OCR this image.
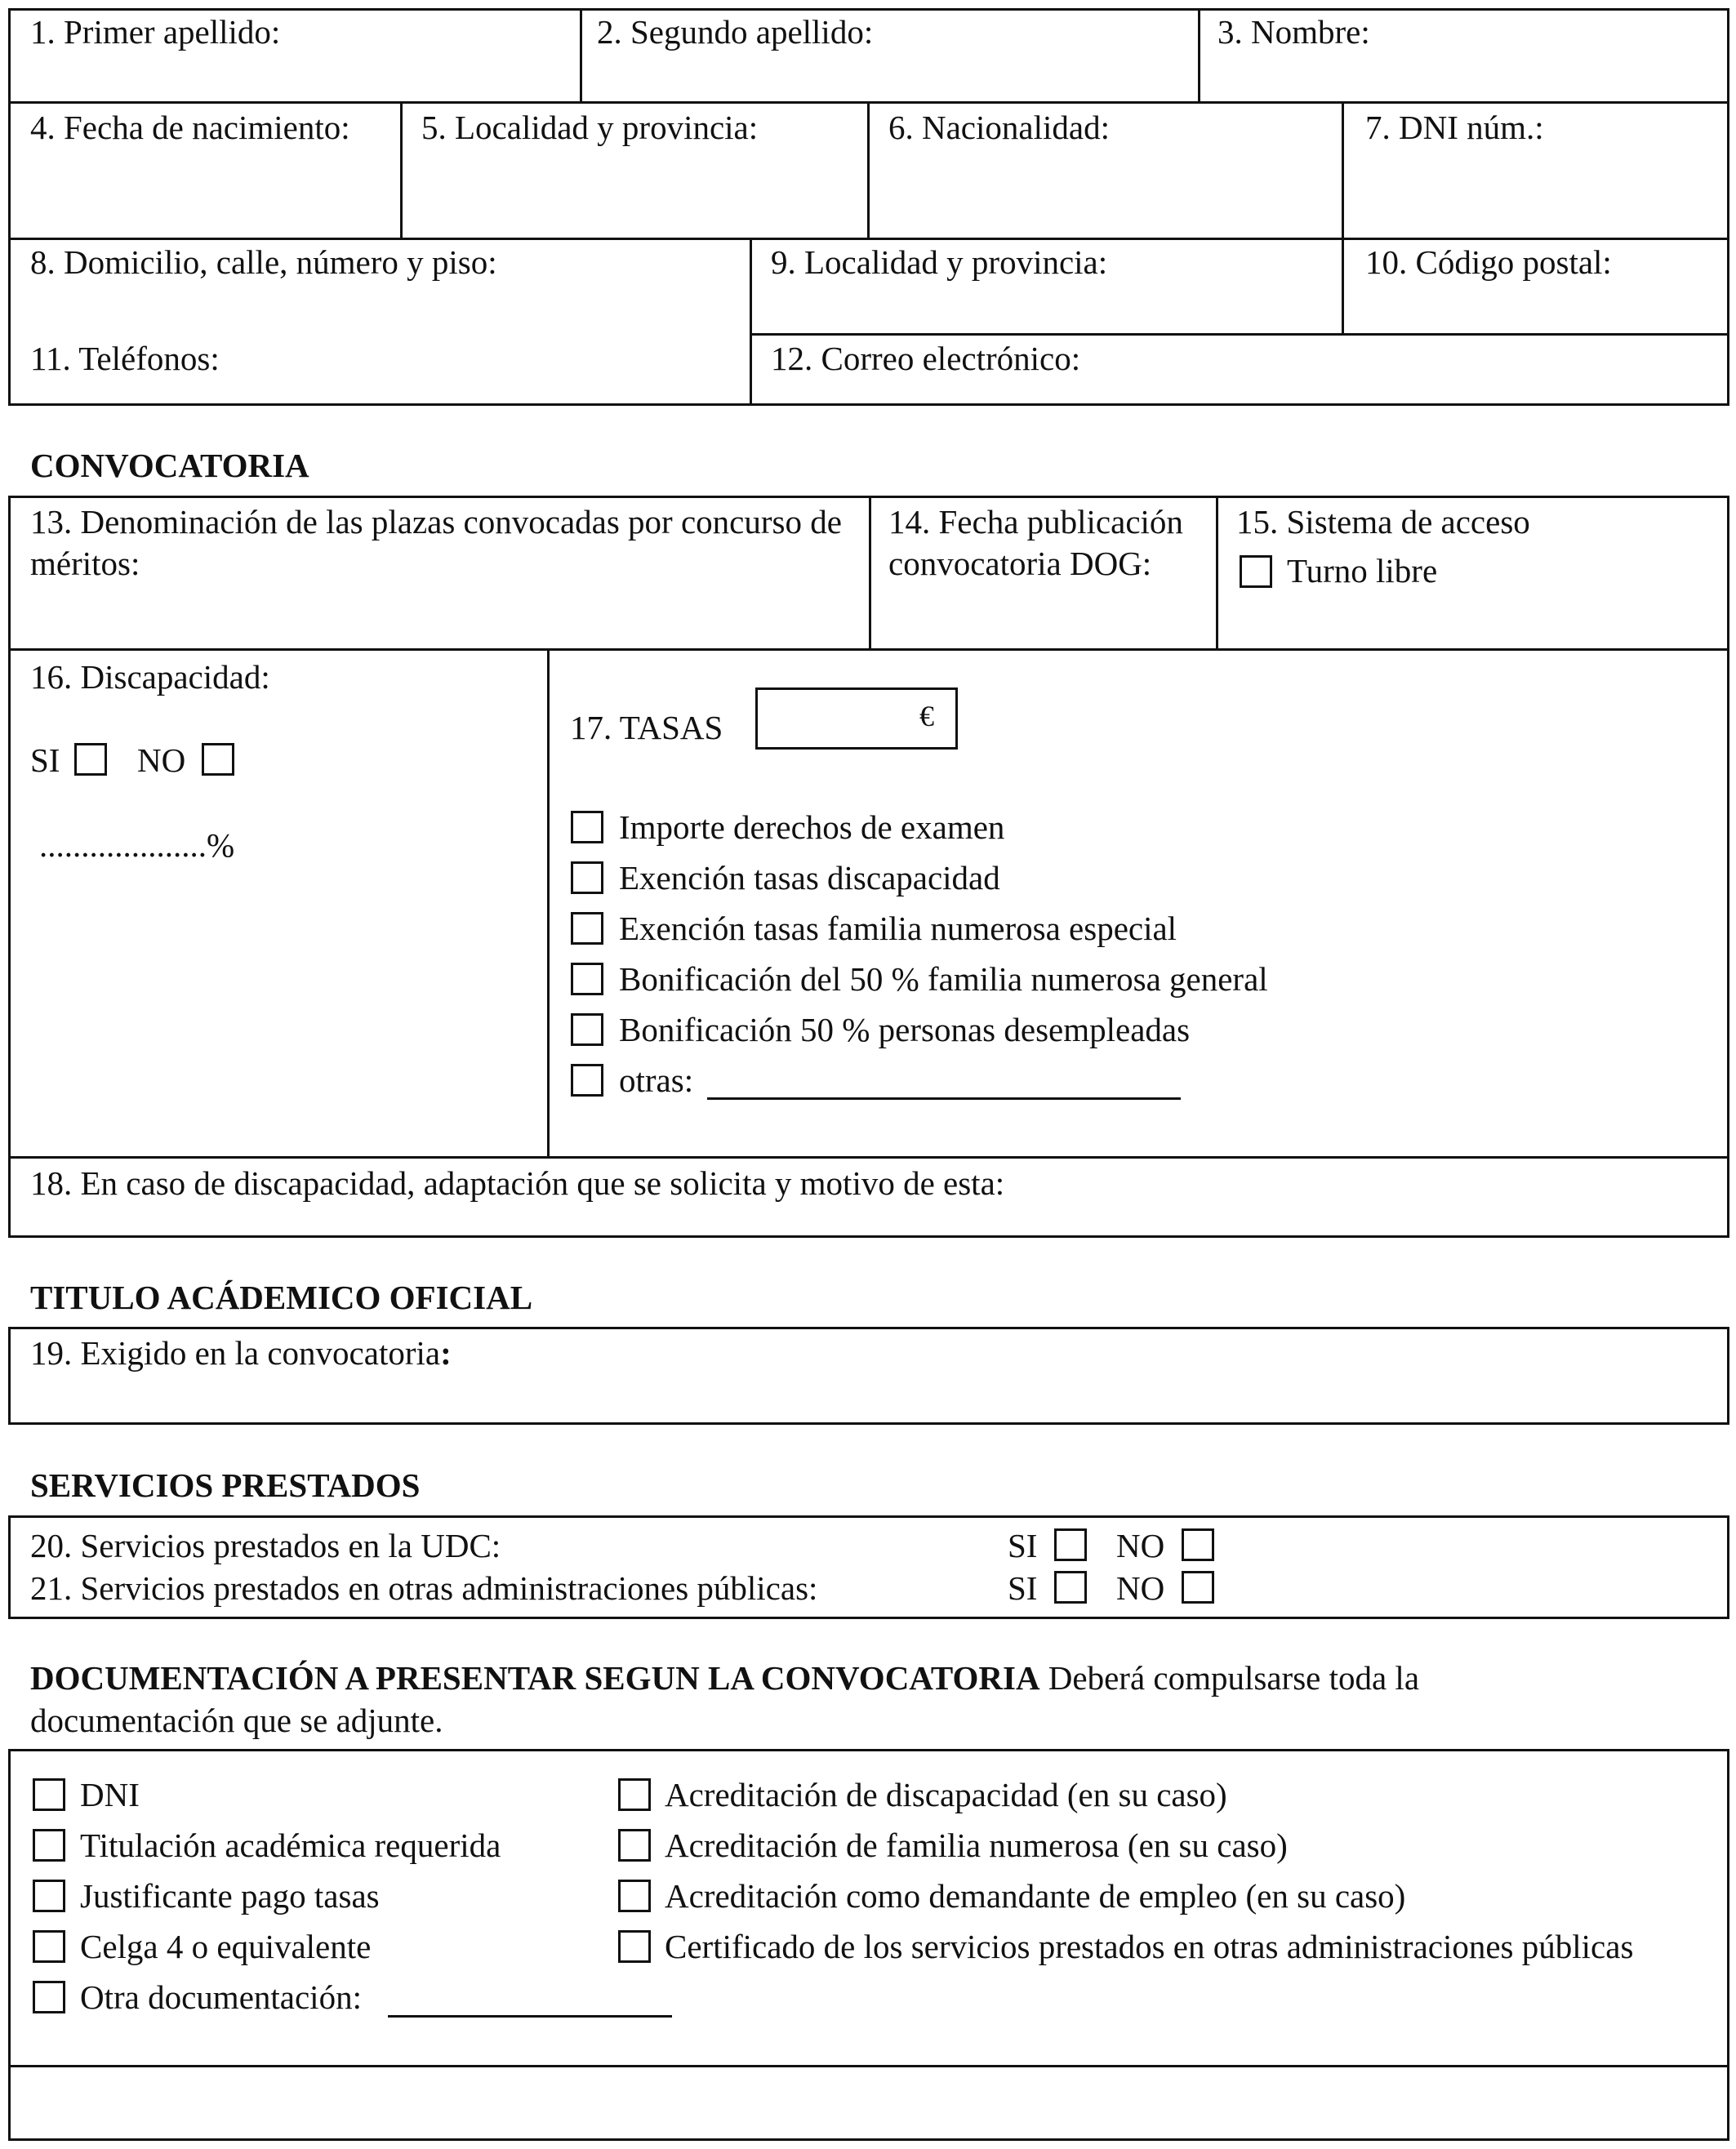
1. Primer apellido:	2. Segundo apellido:	3. Nombre:
4. Fecha de nacimiento: 5. Localidad y provincia:	6. Nacionalidad:	7. DNI núm.:
8. Domicilio, calle, número y piso:	9. Localidad y provincia:	10. Código postal:
11. Teléfonos:	12. Correo electrónico:
CONVOCATORIA
13. Denominación de las plazas convocadas por concurso de méritos:
14. Fecha publicación convocatoria DOG:
15. Sistema de acceso
Turno libre
16. Discapacidad:
SI NO
....................%
17. TASAS	€
Importe derechos de examen
Exención tasas discapacidad
Exención tasas familia numerosa especial
Bonificación del 50 % familia numerosa general
Bonificación 50 % personas desempleadas
otras:
18. En caso de discapacidad, adaptación que se solicita y motivo de esta:
TITULO ACÁDEMICO OFICIAL
19. Exigido en la convocatoria:
SERVICIOS PRESTADOS
20. Servicios prestados en la UDC:	SI NO
21. Servicios prestados en otras administraciones públicas:	SI NO
DOCUMENTACIÓN A PRESENTAR SEGUN LA CONVOCATORIA Deberá compulsarse toda la
documentación que se adjunte.
DNI
Titulación académica requerida
Justificante pago tasas
Celga 4 o equivalente
Otra documentación:
Acreditación de discapacidad (en su caso)
Acreditación de familia numerosa (en su caso)
Acreditación como demandante de empleo (en su caso)
Certificado de los servicios prestados en otras administraciones públicas
